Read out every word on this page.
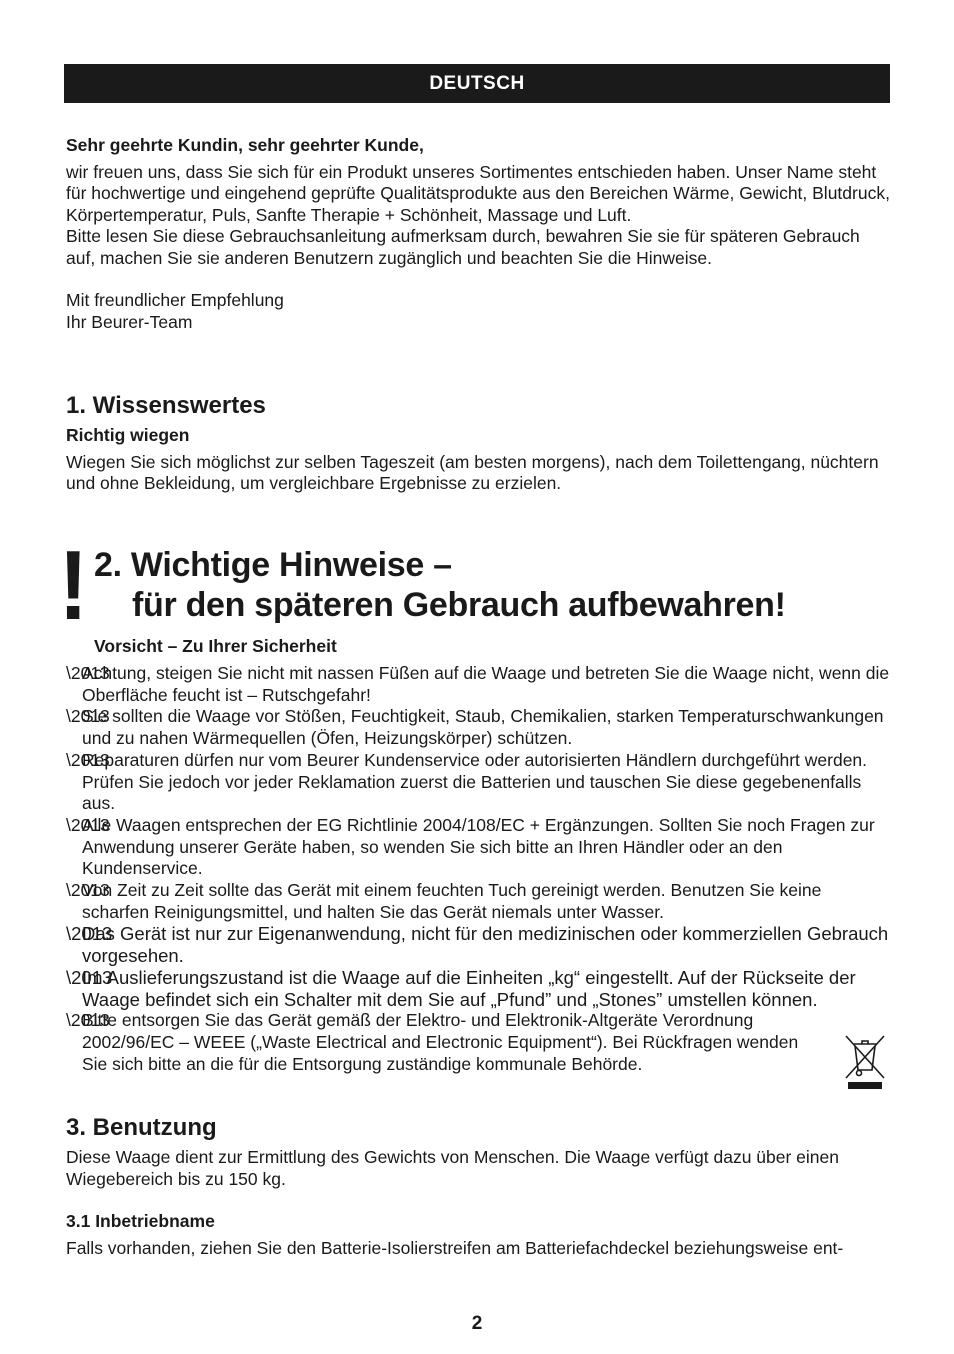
DEUTSCH

Sehr geehrte Kundin, sehr geehrter Kunde,

wir freuen uns, dass Sie sich für ein Produkt unseres Sortimentes entschieden haben. Unser Name steht für hochwertige und eingehend geprüfte Qualitätsprodukte aus den Bereichen Wärme, Gewicht, Blutdruck, Körpertemperatur, Puls, Sanfte Therapie + Schönheit, Massage und Luft.

Bitte lesen Sie diese Gebrauchsanleitung aufmerksam durch, bewahren Sie sie für späteren Gebrauch auf, machen Sie sie anderen Benutzern zugänglich und beachten Sie die Hinweise.

Mit freundlicher Empfehlung

Ihr Beurer-Team

1. Wissenswertes

Richtig wiegen

Wiegen Sie sich möglichst zur selben Tageszeit (am besten morgens), nach dem Toilettengang, nüchtern und ohne Bekleidung, um vergleichbare Ergebnisse zu erzielen.

! 2. Wichtige Hinweise –
für den späteren Gebrauch aufbewahren!

Vorsicht – Zu Ihrer Sicherheit

– Achtung, steigen Sie nicht mit nassen Füßen auf die Waage und betreten Sie die Waage nicht, wenn die Oberfläche feucht ist – Rutschgefahr!
– Sie sollten die Waage vor Stößen, Feuchtigkeit, Staub, Chemikalien, starken Temperaturschwankungen und zu nahen Wärmequellen (Öfen, Heizungskörper) schützen.
– Reparaturen dürfen nur vom Beurer Kundenservice oder autorisierten Händlern durchgeführt werden. Prüfen Sie jedoch vor jeder Reklamation zuerst die Batterien und tauschen Sie diese gegebenenfalls aus.
– Alle Waagen entsprechen der EG Richtlinie 2004/108/EC + Ergänzungen. Sollten Sie noch Fragen zur Anwendung unserer Geräte haben, so wenden Sie sich bitte an Ihren Händler oder an den Kundenservice.
– Von Zeit zu Zeit sollte das Gerät mit einem feuchten Tuch gereinigt werden. Benutzen Sie keine scharfen Reinigungsmittel, und halten Sie das Gerät niemals unter Wasser.
– Das Gerät ist nur zur Eigenanwendung, nicht für den medizinischen oder kommerziellen Gebrauch vorgesehen.
– Im Auslieferungszustand ist die Waage auf die Einheiten „kg“ eingestellt. Auf der Rückseite der Waage befindet sich ein Schalter mit dem Sie auf „Pfund” und „Stones” umstellen können.
– Bitte entsorgen Sie das Gerät gemäß der Elektro- und Elektronik-Altgeräte Verordnung 2002/96/EC – WEEE („Waste Electrical and Electronic Equipment“). Bei Rückfragen wenden Sie sich bitte an die für die Entsorgung zuständige kommunale Behörde.
3. Benutzung

Diese Waage dient zur Ermittlung des Gewichts von Menschen. Die Waage verfügt dazu über einen Wiegebereich bis zu 150 kg.

3.1 Inbetriebname

Falls vorhanden, ziehen Sie den Batterie-Isolierstreifen am Batteriefachdeckel beziehungsweise ent-

2
